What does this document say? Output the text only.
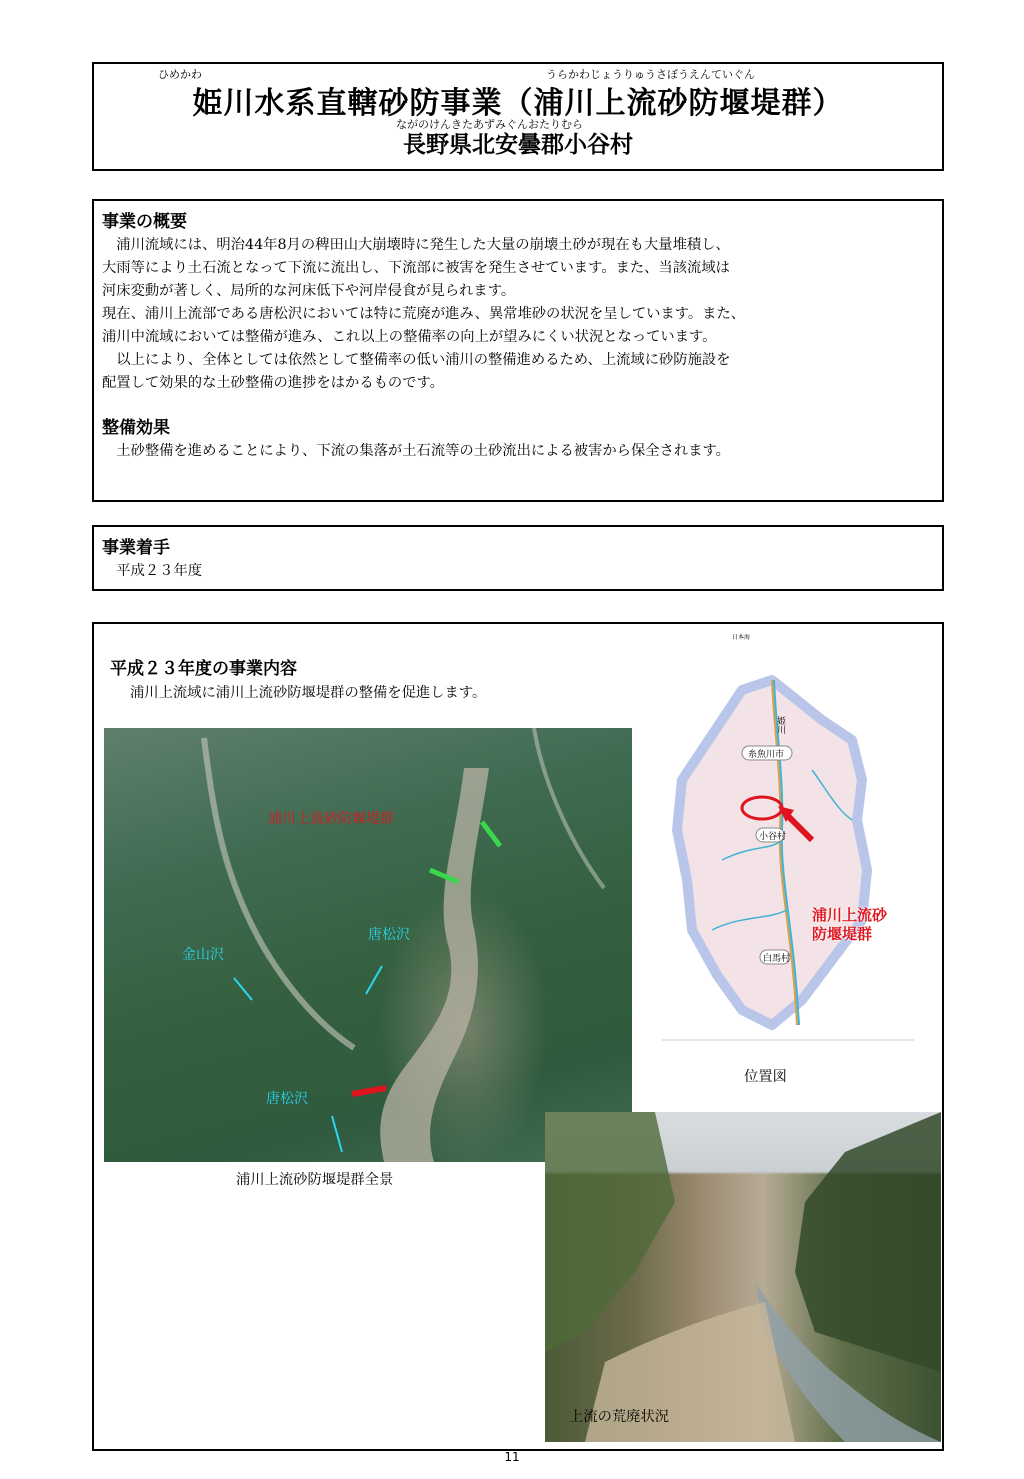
ひめかわ	うらかわじょうりゅうさぼうえんていぐん
姫川水系直轄砂防事業（浦川上流砂防堰堤群）
ながのけんきたあずみぐんおたりむら
長野県北安曇郡小谷村
事業の概要

　浦川流域には、明治44年8月の稗田山大崩壊時に発生した大量の崩壊土砂が現在も大量堆積し、

大雨等により土石流となって下流に流出し、下流部に被害を発生させています。また、当該流域は

河床変動が著しく、局所的な河床低下や河岸侵食が見られます。

現在、浦川上流部である唐松沢においては特に荒廃が進み、異常堆砂の状況を呈しています。また、

浦川中流域においては整備が進み、これ以上の整備率の向上が望みにくい状況となっています。

　以上により、全体としては依然として整備率の低い浦川の整備進めるため、上流域に砂防施設を

配置して効果的な土砂整備の進捗をはかるものです。

整備効果

　土砂整備を進めることにより、下流の集落が土石流等の土砂流出による被害から保全されます。

事業着手

　平成２３年度

平成２３年度の事業内容
浦川上流域に浦川上流砂防堰堤群の整備を促進します。
浦川上流砂防堰堤群
唐松沢
金山沢
唐松沢
浦川上流砂防堰堤群全景
日本海
姫川
糸魚川市
小谷村
白馬村
浦川上流砂
防堰堤群
位置図
上流の荒廃状況
11
